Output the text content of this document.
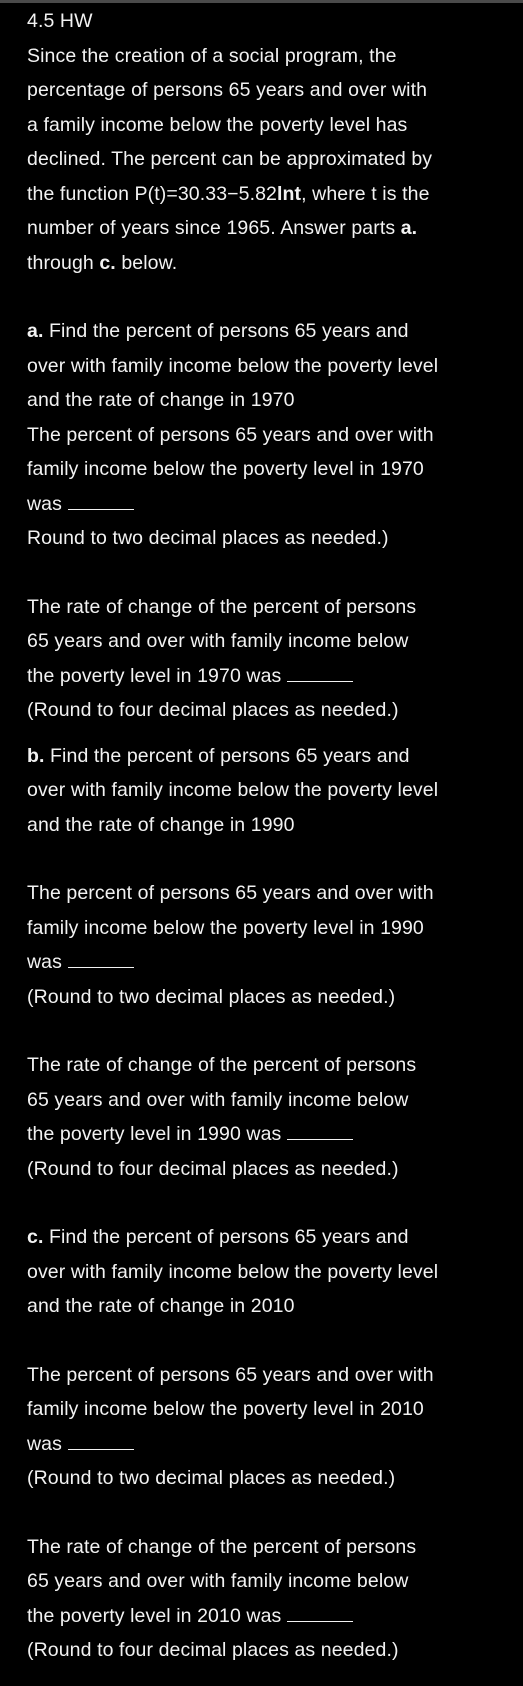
4.5 HW
Since the creation of a social program, the
percentage of persons 65 years and over with
a family income below the poverty level has
declined. The percent can be approximated by
the function P(t)=30.33−5.82lnt, where t is the
number of years since 1965. Answer parts a.
through c. below.
a. Find the percent of persons 65 years and
over with family income below the poverty level
and the rate of change in 1970
The percent of persons 65 years and over with
family income below the poverty level in 1970
was
Round to two decimal places as needed.)
The rate of change of the percent of persons
65 years and over with family income below
the poverty level in 1970 was
(Round to four decimal places as needed.)
b. Find the percent of persons 65 years and
over with family income below the poverty level
and the rate of change in 1990
The percent of persons 65 years and over with
family income below the poverty level in 1990
was
(Round to two decimal places as needed.)
The rate of change of the percent of persons
65 years and over with family income below
the poverty level in 1990 was
(Round to four decimal places as needed.)
c. Find the percent of persons 65 years and
over with family income below the poverty level
and the rate of change in 2010
The percent of persons 65 years and over with
family income below the poverty level in 2010
was
(Round to two decimal places as needed.)
The rate of change of the percent of persons
65 years and over with family income below
the poverty level in 2010 was
(Round to four decimal places as needed.)
